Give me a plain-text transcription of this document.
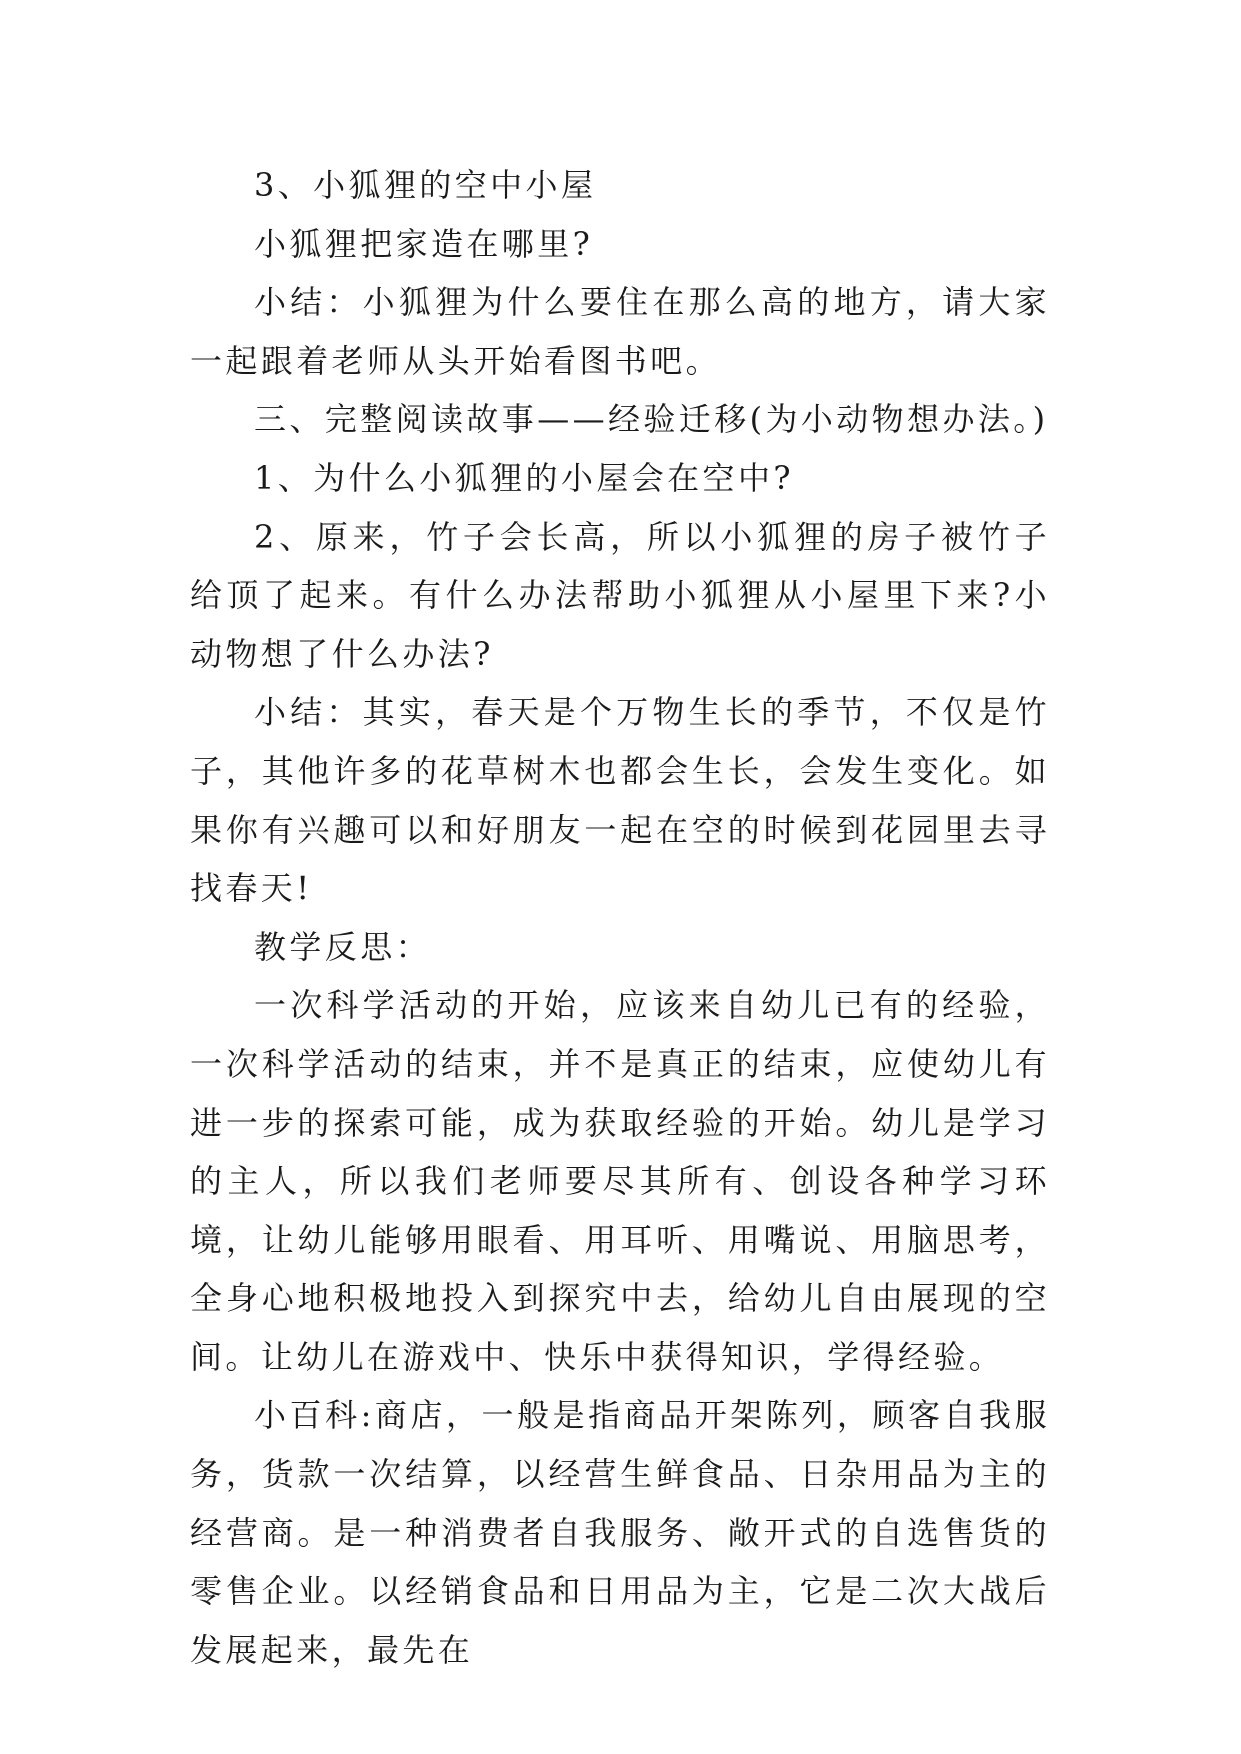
3、小狐狸的空中小屋

小狐狸把家造在哪里?

小结：小狐狸为什么要住在那么高的地方，请大家一起跟着老师从头开始看图书吧。

三、完整阅读故事——经验迁移(为小动物想办法。)

1、为什么小狐狸的小屋会在空中?

2、原来，竹子会长高，所以小狐狸的房子被竹子给顶了起来。有什么办法帮助小狐狸从小屋里下来?小动物想了什么办法?

小结：其实，春天是个万物生长的季节，不仅是竹子，其他许多的花草树木也都会生长，会发生变化。如果你有兴趣可以和好朋友一起在空的时候到花园里去寻找春天!

教学反思：

一次科学活动的开始，应该来自幼儿已有的经验，一次科学活动的结束，并不是真正的结束，应使幼儿有进一步的探索可能，成为获取经验的开始。幼儿是学习的主人，所以我们老师要尽其所有、创设各种学习环境，让幼儿能够用眼看、用耳听、用嘴说、用脑思考，全身心地积极地投入到探究中去，给幼儿自由展现的空间。让幼儿在游戏中、快乐中获得知识，学得经验。

小百科:商店，一般是指商品开架陈列，顾客自我服务，货款一次结算，以经营生鲜食品、日杂用品为主的经营商。是一种消费者自我服务、敞开式的自选售货的零售企业。以经销食品和日用品为主，它是二次大战后发展起来，最先在
